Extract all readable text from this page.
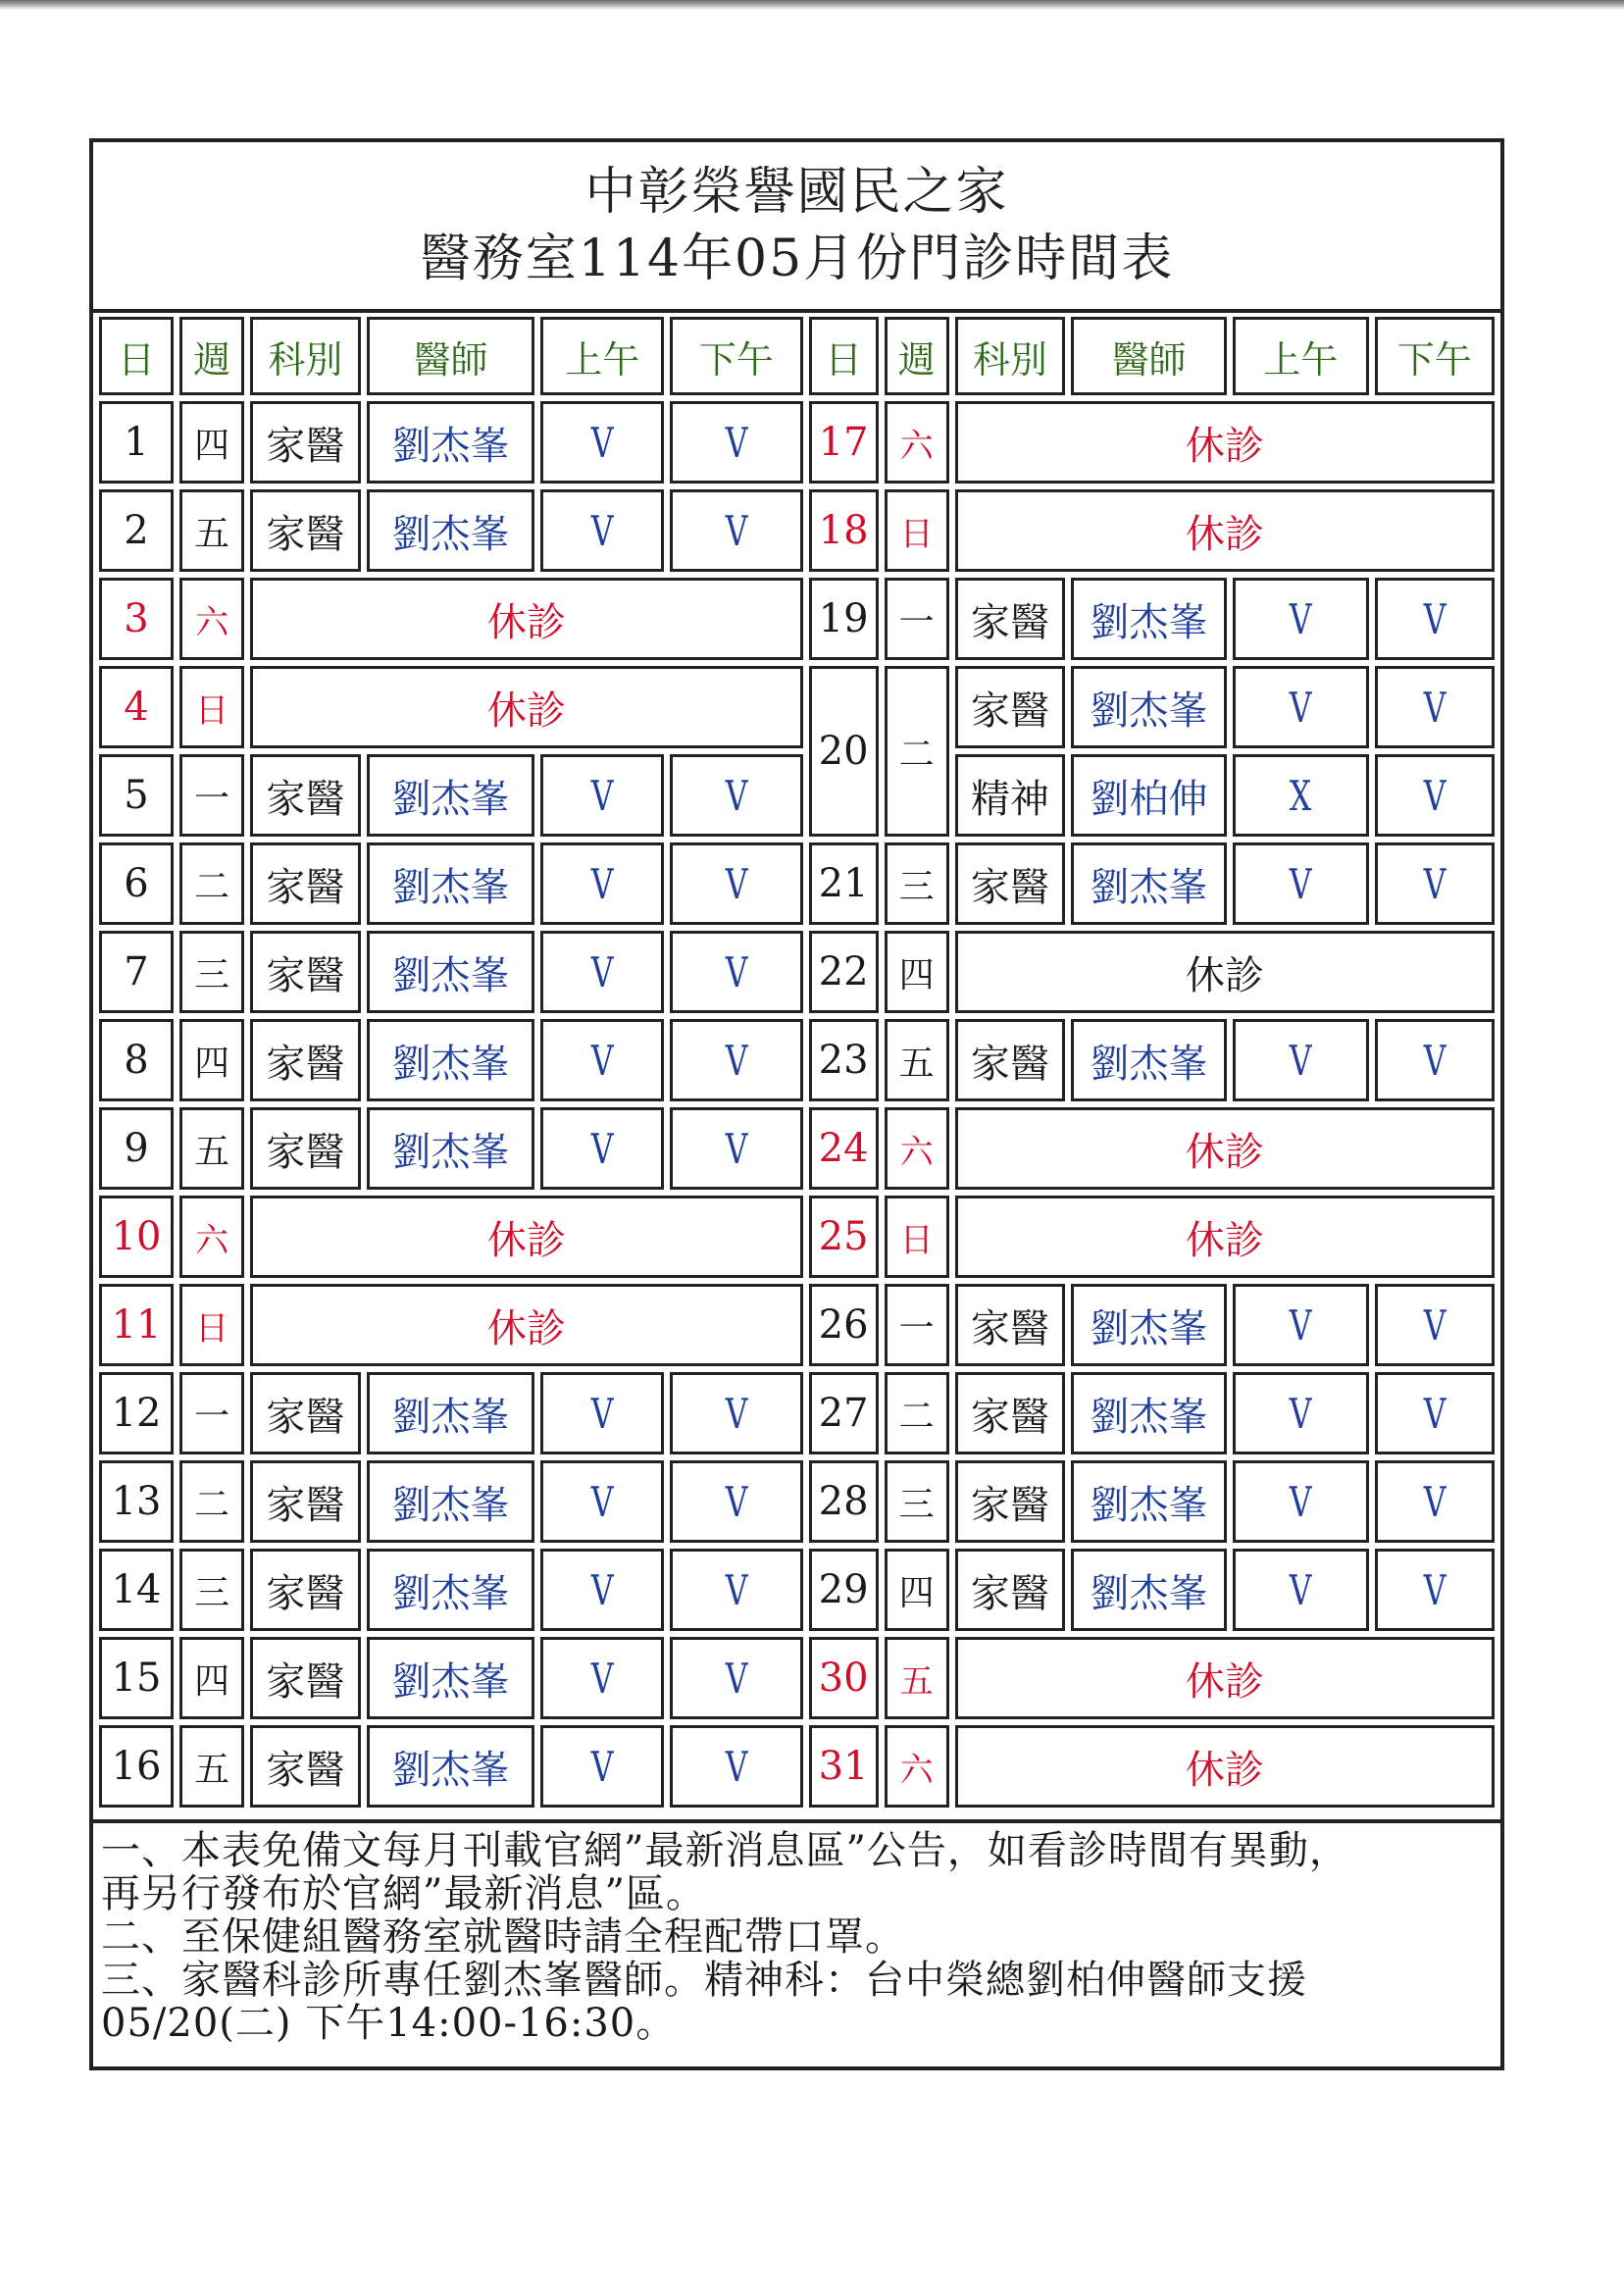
中彰榮譽國民之家
醫務室114年05月份門診時間表
日	週	科別	醫師	上午	下午	日	週	科別	醫師	上午	下午
1	四	家醫	劉杰峯	V	V	17	六	休診			
2	五	家醫	劉杰峯	V	V	18	日	休診			
3	六	休診				19	一	家醫	劉杰峯	V	V
4	日	休診				20	二	家醫	劉杰峯	V	V
5	一	家醫	劉杰峯	V	V			精神	劉柏伸	X	V
6	二	家醫	劉杰峯	V	V	21	三	家醫	劉杰峯	V	V
7	三	家醫	劉杰峯	V	V	22	四	休診			
8	四	家醫	劉杰峯	V	V	23	五	家醫	劉杰峯	V	V
9	五	家醫	劉杰峯	V	V	24	六	休診			
10	六	休診				25	日	休診			
11	日	休診				26	一	家醫	劉杰峯	V	V
12	一	家醫	劉杰峯	V	V	27	二	家醫	劉杰峯	V	V
13	二	家醫	劉杰峯	V	V	28	三	家醫	劉杰峯	V	V
14	三	家醫	劉杰峯	V	V	29	四	家醫	劉杰峯	V	V
15	四	家醫	劉杰峯	V	V	30	五	休診			
16	五	家醫	劉杰峯	V	V	31	六	休診			

一、本表免備文每月刊載官網”最新消息區”公告，如看診時間有異動，

再另行發布於官網”最新消息”區。

二、至保健組醫務室就醫時請全程配帶口罩。

三、家醫科診所專任劉杰峯醫師。精神科：台中榮總劉柏伸醫師支援

05/20(二) 下午14:00-16:30。
